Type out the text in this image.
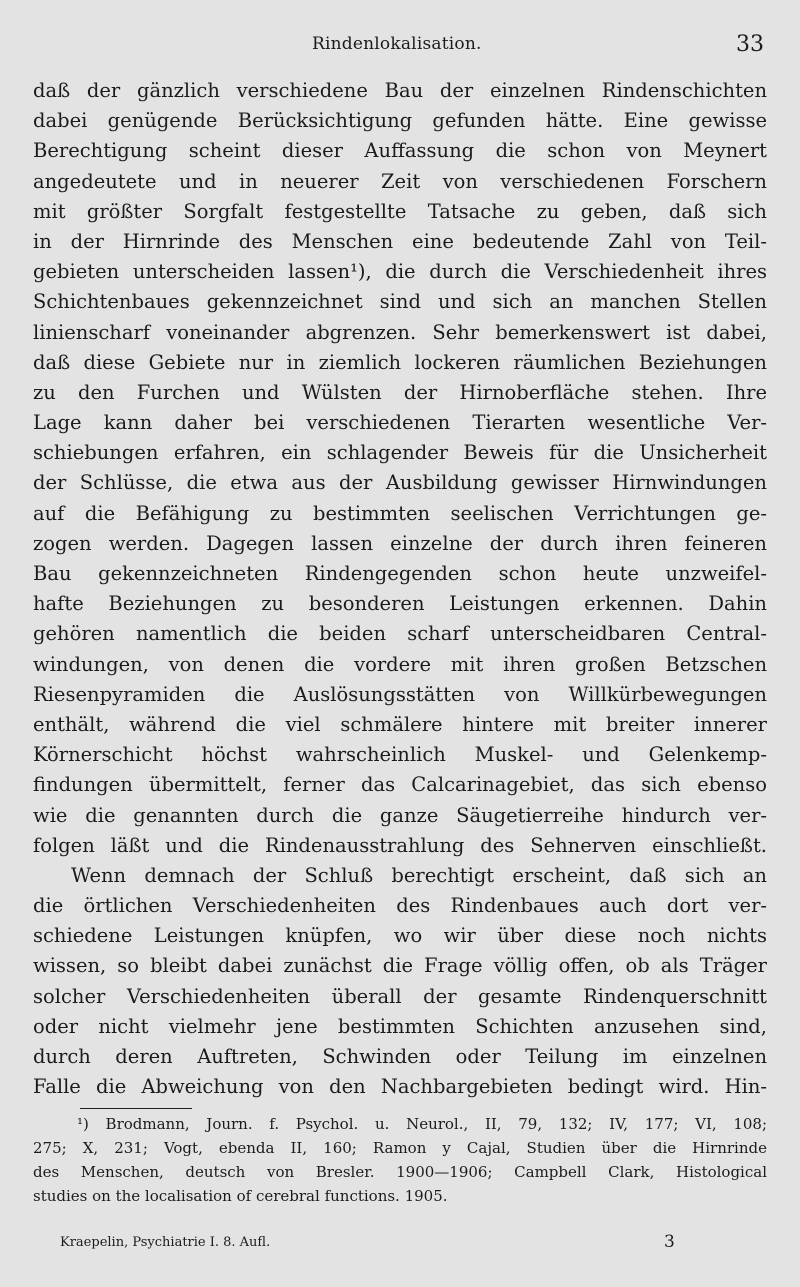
Rindenlokalisation.	33
daß der gänzlich verschiedene Bau der einzelnen Rindenschichten
dabei genügende Berücksichtigung gefunden hätte. Eine gewisse
Berechtigung scheint dieser Auffassung die schon von Meynert
angedeutete und in neuerer Zeit von verschiedenen Forschern
mit größter Sorgfalt festgestellte Tatsache zu geben, daß sich
in der Hirnrinde des Menschen eine bedeutende Zahl von Teil-
gebieten unterscheiden lassen¹), die durch die Verschiedenheit ihres
Schichtenbaues gekennzeichnet sind und sich an manchen Stellen
linienscharf voneinander abgrenzen. Sehr bemerkenswert ist dabei,
daß diese Gebiete nur in ziemlich lockeren räumlichen Beziehungen
zu den Furchen und Wülsten der Hirnoberfläche stehen. Ihre
Lage kann daher bei verschiedenen Tierarten wesentliche Ver-
schiebungen erfahren, ein schlagender Beweis für die Unsicherheit
der Schlüsse, die etwa aus der Ausbildung gewisser Hirnwindungen
auf die Befähigung zu bestimmten seelischen Verrichtungen ge-
zogen werden. Dagegen lassen einzelne der durch ihren feineren
Bau gekennzeichneten Rindengegenden schon heute unzweifel-
hafte Beziehungen zu besonderen Leistungen erkennen. Dahin
gehören namentlich die beiden scharf unterscheidbaren Central-
windungen, von denen die vordere mit ihren großen Betzschen
Riesenpyramiden die Auslösungsstätten von Willkürbewegungen
enthält, während die viel schmälere hintere mit breiter innerer
Körnerschicht höchst wahrscheinlich Muskel- und Gelenkemp-
findungen übermittelt, ferner das Calcarinagebiet, das sich ebenso
wie die genannten durch die ganze Säugetierreihe hindurch ver-
folgen läßt und die Rindenausstrahlung des Sehnerven einschließt.
Wenn demnach der Schluß berechtigt erscheint, daß sich an
die örtlichen Verschiedenheiten des Rindenbaues auch dort ver-
schiedene Leistungen knüpfen, wo wir über diese noch nichts
wissen, so bleibt dabei zunächst die Frage völlig offen, ob als Träger
solcher Verschiedenheiten überall der gesamte Rindenquerschnitt
oder nicht vielmehr jene bestimmten Schichten anzusehen sind,
durch deren Auftreten, Schwinden oder Teilung im einzelnen
Falle die Abweichung von den Nachbargebieten bedingt wird. Hin-
¹) Brodmann, Journ. f. Psychol. u. Neurol., II, 79, 132; IV, 177; VI, 108;
275; X, 231; Vogt, ebenda II, 160; Ramon y Cajal, Studien über die Hirnrinde
des Menschen, deutsch von Bresler. 1900—1906; Campbell Clark, Histological
studies on the localisation of cerebral functions. 1905.
Kraepelin, Psychiatrie I. 8. Aufl.	3
